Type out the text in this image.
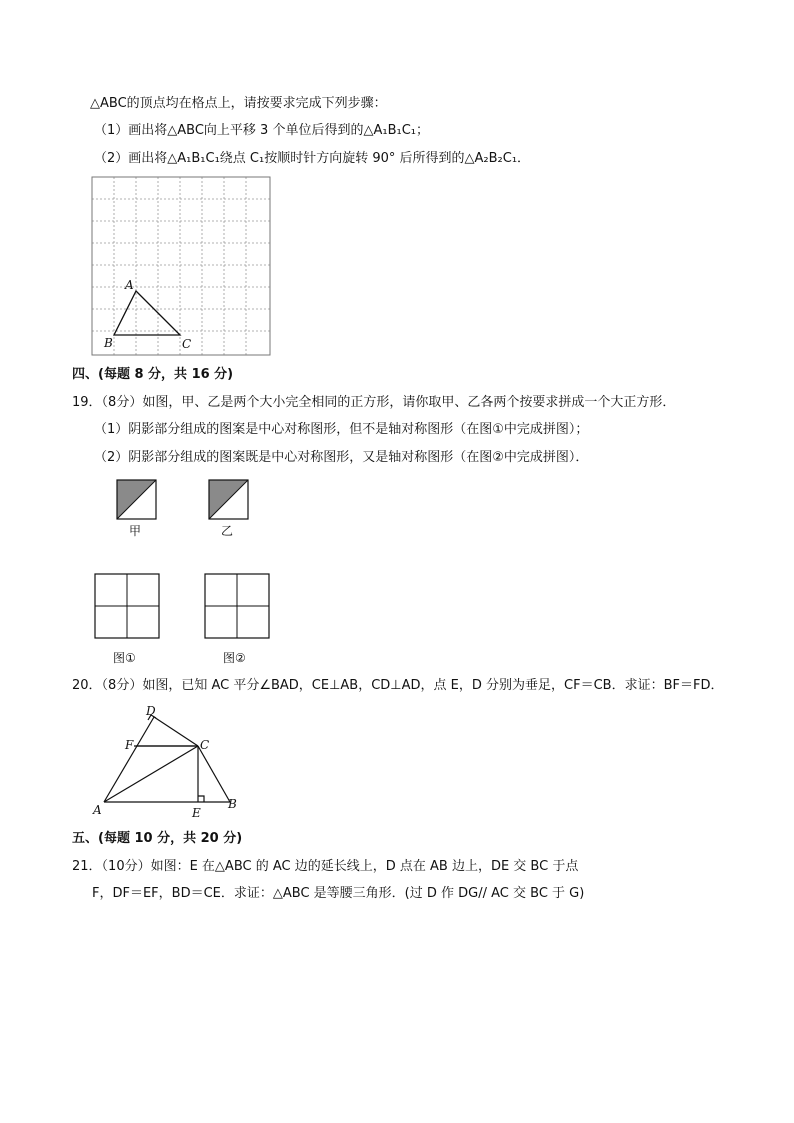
△ABC的顶点均在格点上，请按要求完成下列步骤：
（1）画出将△ABC向上平移 3 个单位后得到的△A₁B₁C₁；
（2）画出将△A₁B₁C₁绕点 C₁按顺时针方向旋转 90° 后所得到的△A₂B₂C₁．
A
B	C
四、(每题 8 分，共 16 分)
19．（8分）如图，甲、乙是两个大小完全相同的正方形，请你取甲、乙各两个按要求拼成一个大正方形．
（1）阴影部分组成的图案是中心对称图形，但不是轴对称图形（在图①中完成拼图）；
（2）阴影部分组成的图案既是中心对称图形，又是轴对称图形（在图②中完成拼图）．
甲	乙
图①	图②
20．（8分）如图，已知 AC 平分∠BAD，CE⊥AB，CD⊥AD，点 E，D 分别为垂足，CF＝CB．求证：BF＝FD．
D
F	C
A	E
B
五、(每题 10 分，共 20 分)
21．（10分）如图：E 在△ABC 的 AC 边的延长线上，D 点在 AB 边上，DE 交 BC 于点
F，DF＝EF，BD＝CE．求证：△ABC 是等腰三角形．(过 D 作 DG// AC 交 BC 于 G)
